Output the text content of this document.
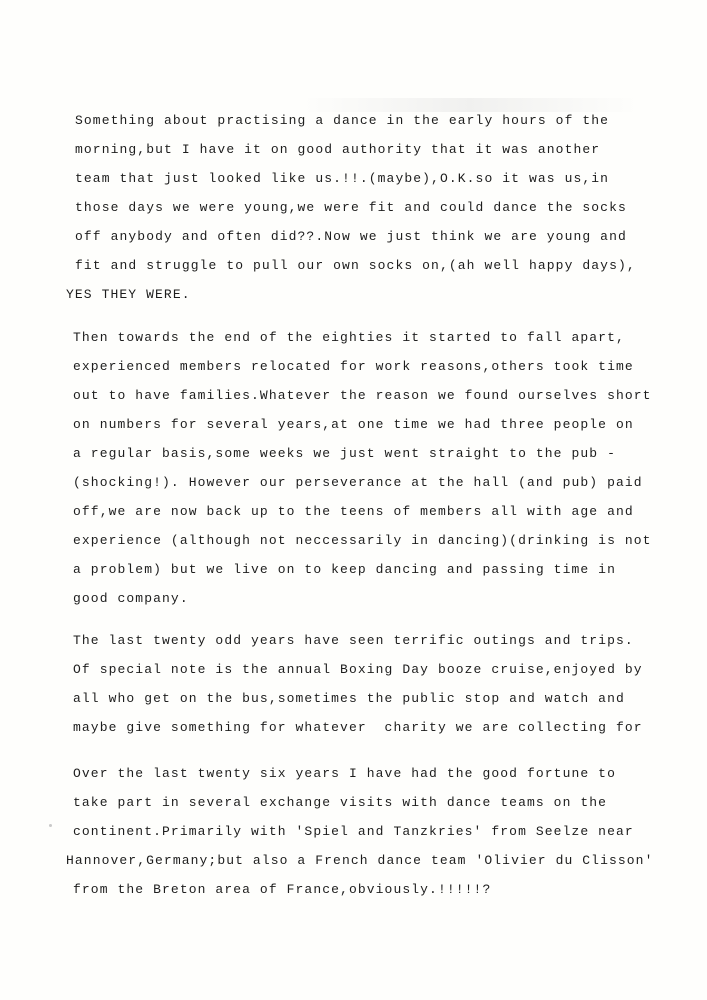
Something about practising a dance in the early hours of the
morning,but I have it on good authority that it was another
team that just looked like us.!!.(maybe),O.K.so it was us,in
those days we were young,we were fit and could dance the socks
off anybody and often did??.Now we just think we are young and
fit and struggle to pull our own socks on,(ah well happy days),
YES THEY WERE.
Then towards the end of the eighties it started to fall apart,
experienced members relocated for work reasons,others took time
out to have families.Whatever the reason we found ourselves short
on numbers for several years,at one time we had three people on
a regular basis,some weeks we just went straight to the pub -
(shocking!). However our perseverance at the hall (and pub) paid
off,we are now back up to the teens of members all with age and
experience (although not neccessarily in dancing)(drinking is not
a problem) but we live on to keep dancing and passing time in
good company.
The last twenty odd years have seen terrific outings and trips.
Of special note is the annual Boxing Day booze cruise,enjoyed by
all who get on the bus,sometimes the public stop and watch and
maybe give something for whatever  charity we are collecting for
Over the last twenty six years I have had the good fortune to
take part in several exchange visits with dance teams on the
continent.Primarily with 'Spiel and Tanzkries' from Seelze near
Hannover,Germany;but also a French dance team 'Olivier du Clisson'
from the Breton area of France,obviously.!!!!!?
